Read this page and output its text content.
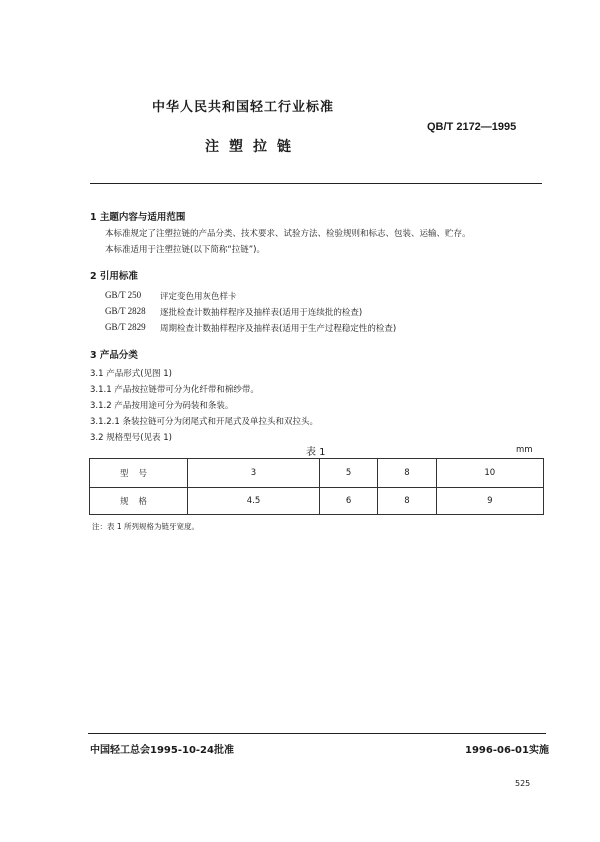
中华人民共和国轻工行业标准
QB/T 2172—1995
注塑拉链
1 主题内容与适用范围
本标准规定了注塑拉链的产品分类、技术要求、试验方法、检验规则和标志、包装、运输、贮存。
本标准适用于注塑拉链(以下简称“拉链”)。
2 引用标准
GB/T 250 评定变色用灰色样卡
GB/T 2828 逐批检查计数抽样程序及抽样表(适用于连续批的检查)
GB/T 2829 周期检查计数抽样程序及抽样表(适用于生产过程稳定性的检查)
3 产品分类
3.1 产品形式(见图 1)
3.1.1 产品按拉链带可分为化纤带和棉纱带。
3.1.2 产品按用途可分为码装和条装。
3.1.2.1 条装拉链可分为闭尾式和开尾式及单拉头和双拉头。
3.2 规格型号(见表 1)
表 1	mm
型号	3	5	8	10
规格	4.5	6	8	9
注：表 1 所列规格为链牙宽度。
中国轻工总会1995-10-24批准	1996-06-01实施
525
